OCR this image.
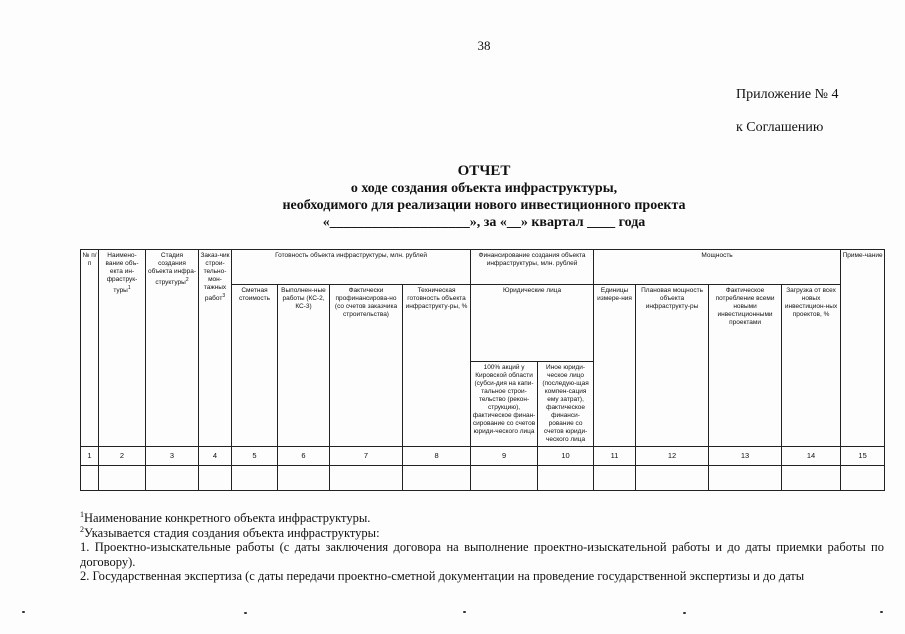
38
Приложение № 4
к Соглашению
ОТЧЕТ
о ходе создания объекта инфраструктуры,
необходимого для реализации нового инвестиционного проекта
«____________________», за «__» квартал ____ года
№ п/п	Наимено-вание объ-екта ин-фраструк-туры$^1$	Стадия создания объекта инфра-структуры$^2$	Заказ-чик строи-тельно-мон-тажных работ$^3$	Готовность объекта инфраструктуры, млн. рублей				Финансирование создания объекта инфраструктуры, млн. рублей		Мощность				Приме-чание
				Сметная стоимость	Выполнен-ные работы (КС-2, КС-3)	Фактически профинансирова-но (со счетов заказчика строительства)	Техническая готовность объекта инфраструкту-ры, %	Юридические лица		Единицы измере-ния	Плановая мощность объекта инфраструкту-ры	Фактическое потребление всеми новыми инвестиционными проектами	Загрузка от всех новых инвестицион-ных проектов, %	
								100% акций у Кировской области (субси-дия на капи-тальное строи-тельство (рекон-струкцию), фактическое финан-сирование со счетов юриди-ческого лица	Иное юриди-ческое лицо (последую-щая компен-сация ему затрат), фактическое финанси-рование со счетов юриди-ческого лица					
1	2	3	4	5	6	7	8	9	10	11	12	13	14	15

$^1$Наименование конкретного объекта инфраструктуры.

$^2$Указывается стадия создания объекта инфраструктуры:

1. Проектно-изыскательные работы (с даты заключения договора на выполнение проектно-изыскательной работы и до даты приемки работы по договору).

2. Государственная экспертиза (с даты передачи проектно-сметной документации на проведение государственной экспертизы и до даты
